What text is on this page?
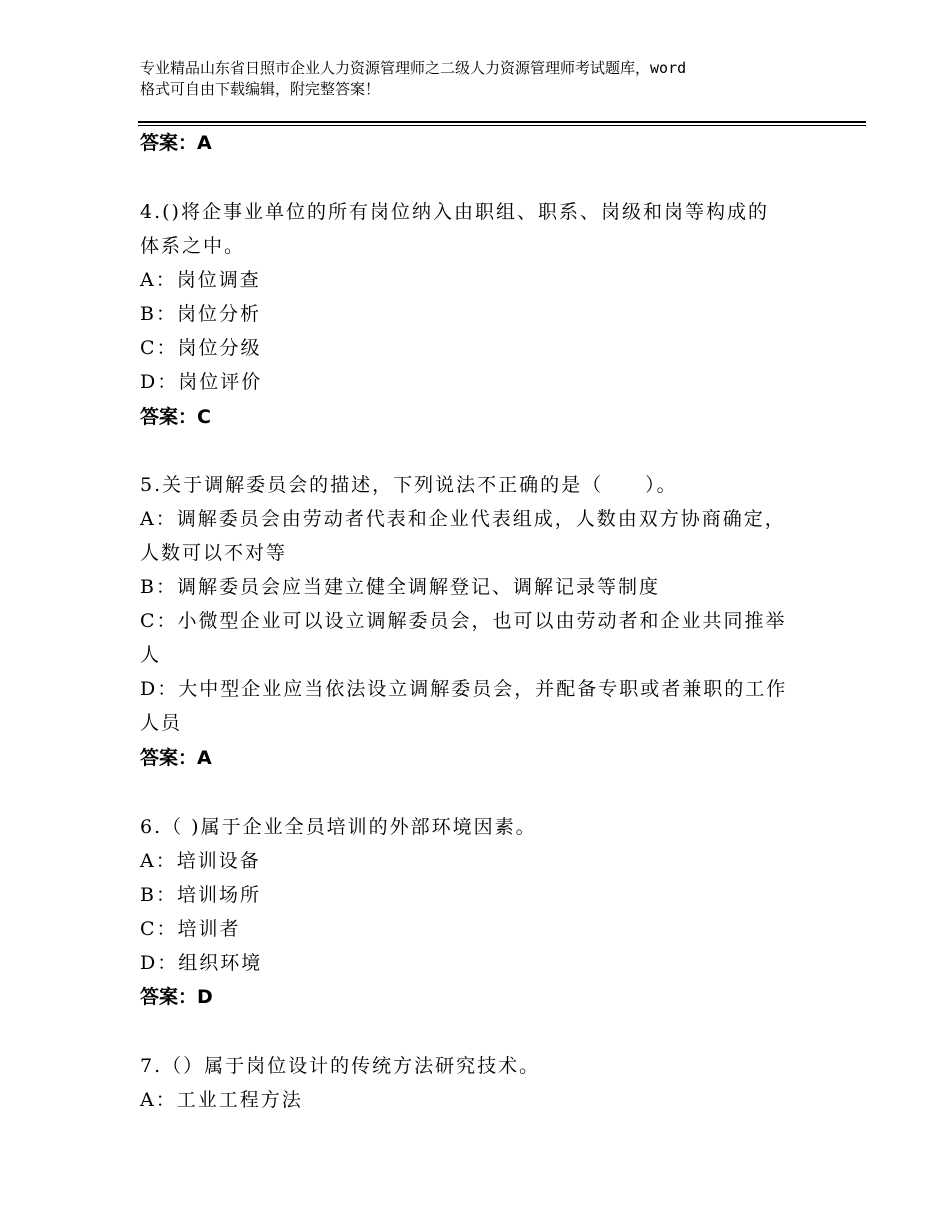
专业精品山东省日照市企业人力资源管理师之二级人力资源管理师考试题库，word
格式可自由下载编辑，附完整答案！
答案：A
4.()将企事业单位的所有岗位纳入由职组、职系、岗级和岗等构成的
体系之中。
A：岗位调查
B：岗位分析
C：岗位分级
D：岗位评价
答案：C
5.关于调解委员会的描述，下列说法不正确的是（　　）。
A：调解委员会由劳动者代表和企业代表组成，人数由双方协商确定，
人数可以不对等
B：调解委员会应当建立健全调解登记、调解记录等制度
C：小微型企业可以设立调解委员会，也可以由劳动者和企业共同推举
人
D：大中型企业应当依法设立调解委员会，并配备专职或者兼职的工作
人员
答案：A
6.（ )属于企业全员培训的外部环境因素。
A：培训设备
B：培训场所
C：培训者
D：组织环境
答案：D
7.（）属于岗位设计的传统方法研究技术。
A：工业工程方法
